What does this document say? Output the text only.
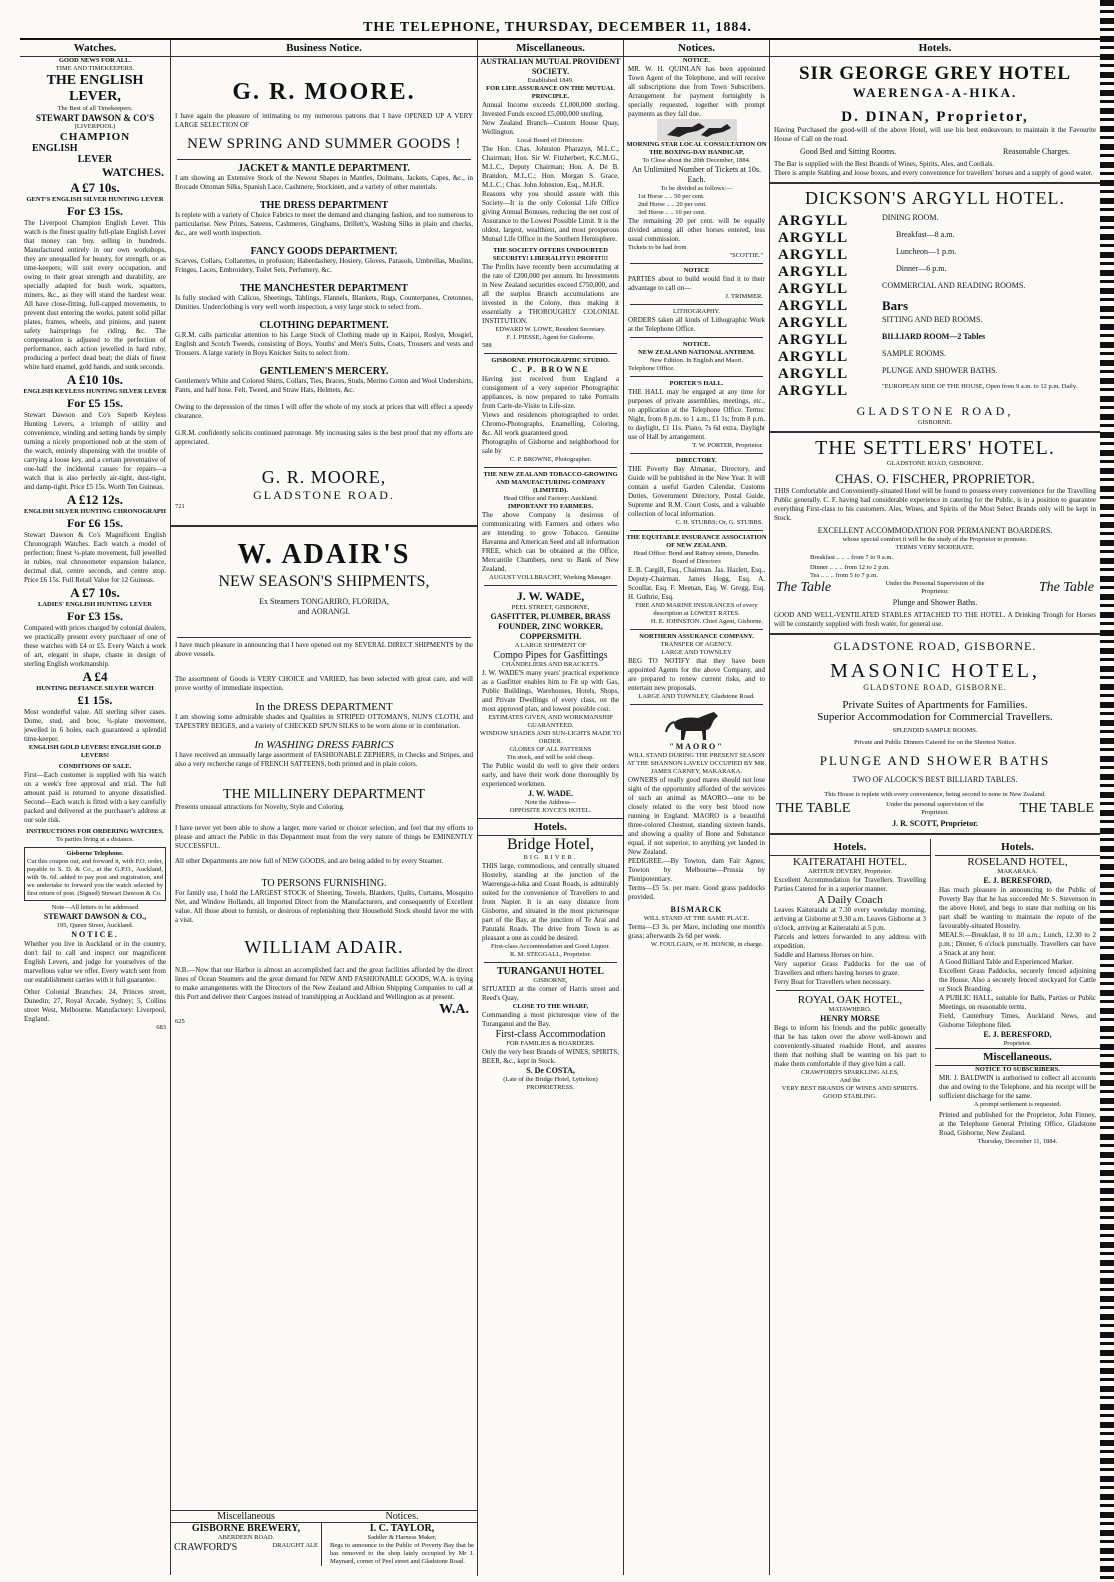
THE TELEPHONE, THURSDAY, DECEMBER 11, 1884.
Watches.
GOOD NEWS FOR ALL.
TIME AND TIMEKEEPERS.
THE ENGLISH LEVER,
The Best of all Timekeepers.
STEWART DAWSON & CO'S
(LIVERPOOL)
CHAMPION
ENGLISH
LEVER
WATCHES.
A £7 10s.
GENT'S ENGLISH SILVER HUNTING LEVER
For £3 15s.
The Liverpool Champion English Lever. This watch is the finest quality full-plate English Lever that money can buy, selling in hundreds. Manufactured entirely in our own workshops, they are unequalled for beauty, for strength, or as time-keepers; will suit every occupation, and owing to their great strength and durability, are specially adapted for bush work, squatters, miners, &c., as they will stand the hardest wear. All have close-fitting, full-capped movements, to prevent dust entering the works, patent solid pillar plates, frames, wheels, and pinions, and patent safety hairsprings for riding, &c. The compensation is adjusted to the perfection of performance, each action jewelled in hard ruby, producing a perfect dead beat; the dials of finest white hard enamel, gold hands, and sunk seconds.
A £10 10s.
ENGLISH KEYLESS HUNTING SILVER LEVER
For £5 15s.
Stewart Dawson and Co's Superb Keyless Hunting Levers, a triumph of utility and convenience, winding and setting hands by simply turning a nicely proportioned nob at the stem of the watch, entirely dispensing with the trouble of carrying a loose key, and a certain preventative of one-half the incidental causes for repairs—a watch that is also perfectly air-tight, dust-tight, and damp-tight. Price £5 15s. Worth Ten Guineas.
A £12 12s.
ENGLISH SILVER HUNTING CHRONOGRAPH
For £6 15s.
Stewart Dawson & Co's Magnificent English Chronograph Watches. Each watch a model of perfection; finest ¾-plate movement, full jewelled in rubies, real chronometer expansion balance, decimal dial, centre seconds, and centre stop. Price £6 15s. Full Retail Value for 12 Guineas.
A £7 10s.
LADIES' ENGLISH HUNTING LEVER
For £3 15s.
Compared with prices charged by colonial dealers, we practically present every purchaser of one of these watches with £4 or £5. Every Watch a work of art, elegant in shape, chaste in design of sterling English workmanship.
A £4
HUNTING DEFIANCE SILVER WATCH
£1 15s.
Most wonderful value. All sterling silver cases. Dome, stud, and bow, ¾-plate movement, jewelled in 6 holes, each guaranteed a splendid time-keeper.
ENGLISH GOLD LEVERS! ENGLISH GOLD LEVERS!
CONDITIONS OF SALE.
First—Each customer is supplied with his watch on a week's free approval and trial. The full amount paid is returned to anyone dissatisfied. Second—Each watch is fitted with a key carefully packed and delivered at the purchaser's address at our sole risk.
INSTRUCTIONS FOR ORDERING WATCHES.
To parties living at a distance.
Gisborne Telephone.
Cut this coupon out, and forward it, with P.O. order, payable to S. D. & Co., at the G.P.O., Auckland, with 9s. 6d. added to pay post and registration, and we undertake to forward you the watch selected by first return of post. (Signed) Stewart Dawson & Co.
Note—All letters to be addressed
STEWART DAWSON & CO.,
195, Queen Street, Auckland.
NOTICE.
Whether you live in Auckland or in the country, don't fail to call and inspect our magnificent English Levers, and judge for yourselves of the marvellous value we offer. Every watch sent from our establishment carries with it full guarantee.
Other Colonial Branches: 24, Princes street, Dunedin; 27, Royal Arcade, Sydney; 5, Collins street West, Melbourne. Manufactory: Liverpool, England.
683
Business Notice.
G. R. MOORE.
I have again the pleasure of intimating to my numerous patrons that I have OPENED UP A VERY LARGE SELECTION OF
NEW SPRING AND SUMMER GOODS !
JACKET & MANTLE DEPARTMENT.
I am showing an Extensive Stock of the Newest Shapes in Mantles, Dolmans, Jackets, Capes, &c., in Brocade Ottoman Silks, Spanish Lace, Cashmere, Stockinett, and a variety of other materials.
THE DRESS DEPARTMENT
Is replete with a variety of Choice Fabrics to meet the demand and changing fashion, and too numerous to particularise. New Prints, Sateens, Cashmeres, Ginghams, Drillett's, Washing Silks in plain and checks, &c., are well worth inspection.
FANCY GOODS DEPARTMENT.
Scarves, Collars, Collarettes, in profusion; Haberdashery, Hosiery, Gloves, Parasols, Umbrellas, Muslins, Fringes, Laces, Embroidery, Toilet Sets, Perfumery, &c.
THE MANCHESTER DEPARTMENT
Is fully stocked with Calicos, Sheetings, Tablings, Flannels, Blankets, Rugs, Counterpanes, Cretonnes, Dimities. Underclothing is very well worth inspection, a very large stock to select from.
CLOTHING DEPARTMENT.
G.R.M. calls particular attention to his Large Stock of Clothing made up in Kaipoi, Roslyn, Mosgiel, English and Scotch Tweeds, consisting of Boys, Youths' and Men's Suits, Coats, Trousers and vests and Trousers. A large variety in Boys Knicker Suits to select from.
GENTLEMEN'S MERCERY.
Gentlemen's White and Colored Shirts, Collars, Ties, Braces, Studs, Merino Cotton and Wool Undershirts, Pants, and half hose. Felt, Tweed, and Straw Hats, Helmets, &c.
Owing to the depression of the times I will offer the whole of my stock at prices that will effect a speedy clearance.
G.R.M. confidently solicits continued patronage. My increasing sales is the best proof that my efforts are appreciated.
G. R. MOORE,
GLADSTONE ROAD.
721
W. ADAIR'S
NEW SEASON'S SHIPMENTS,
Ex Steamers TONGARIRO, FLORIDA,
and AORANGI.
I have much pleasure in announcing that I have opened out my SEVERAL DIRECT SHIPMENTS by the above vessels.
The assortment of Goods is VERY CHOICE and VARIED, has been selected with great care, and will prove worthy of immediate inspection.
In the DRESS DEPARTMENT
I am showing some admirable shades and Qualities in STRIPED OTTOMAN'S, NUN'S CLOTH, and TAPESTRY BEIGES, and a variety of CHECKED SPUN SILKS to be worn alone or in combination.
In WASHING DRESS FABRICS
I have received an unusually large assortment of FASHIONABLE ZEPHERS, in Checks and Stripes, and also a very recherche range of FRENCH SATTEENS, both printed and in plain colors.
THE MILLINERY DEPARTMENT
Presents unusual attractions for Novelty, Style and Coloring.
I have never yet been able to show a larger, more varied or choicer selection, and feel that my efforts to please and attract the Public in this Department must from the very nature of things be EMINENTLY SUCCESSFUL.
All other Departments are now full of NEW GOODS, and are being added to by every Steamer.
TO PERSONS FURNISHING.
For family use, I hold the LARGEST STOCK of Sheeting, Towels, Blankets, Quilts, Curtains, Mosquito Net, and Window Hollands, all Imported Direct from the Manufacturers, and consequently of Excellent value. All those about to furnish, or desirous of replenishing their Household Stock should favor me with a visit.
WILLIAM ADAIR.
N.B.—Now that our Harbor is almost an accomplished fact and the great facilities afforded by the direct lines of Ocean Steamers and the great demand for NEW AND FASHIONABLE GOODS, W.A. is trying to make arrangements with the Directors of the New Zealand and Albion Shipping Companies to call at this Port and deliver their Cargoes instead of transhipping at Auckland and Wellington as at present.
W.A.
625
Miscellaneous	Notices.
GISBORNE BREWERY,
ABERDEEN ROAD.
CRAWFORD'S	DRAUGHT ALE
I. C. TAYLOR,
Saddler & Harness Maker,
Begs to announce to the Public of Poverty Bay that he has removed to the shop lately occupied by Mr J. Maynard, corner of Peel street and Gladstone Road.
Miscellaneous.
AUSTRALIAN MUTUAL PROVIDENT SOCIETY.
Established 1849.
FOR LIFE ASSURANCE ON THE MUTUAL PRINCIPLE.
Annual Income exceeds £1,000,000 sterling. Invested Funds exceed £5,000,000 sterling.
New Zealand Branch—Custom House Quay, Wellington.
Local Board of Directors:
The Hon. Chas. Johnston Pharazyn, M.L.C., Chairman; Hon. Sir W. Fitzherbert, K.C.M.G., M.L.C., Deputy Chairman; Hon. A. De B. Brandon, M.L.C.; Hon. Morgan S. Grace, M.L.C.; Chas. John Johnston, Esq., M.H.R.
Reasons why you should assure with this Society—It is the only Colonial Life Office giving Annual Bonuses, reducing the net cost of Assurance to the Lowest Possible Limit. It is the oldest, largest, wealthiest, and most prosperous Mutual Life Office in the Southern Hemisphere.
THE SOCIETY OFFERS UNDOUBTED SECURITY! LIBERALITY!! PROFIT!!!
The Profits have recently been accumulating at the rate of £200,000 per annum. Its Investments in New Zealand securities exceed £750,000, and all the surplus Branch accumulations are invested in the Colony, thus making it essentially a THOROUGHLY COLONIAL INSTITUTION.
EDWARD W. LOWE, Resident Secretary.
F. J. PIESSE, Agent for Gisborne.
588
GISBORNE PHOTOGRAPHIC STUDIO.
C. P. BROWNE
Having just received from England a consignment of a very superior Photographic appliances, is now prepared to take Portraits from Carte-de-Visite to Life-size.
Views and residences photographed to order. Chromo-Photographs, Enamelling, Coloring, &c. All work guaranteed good.
Photographs of Gisborne and neighborhood for sale by
C. P. BROWNE, Photographer.
THE NEW ZEALAND TOBACCO-GROWING AND MANUFACTURING COMPANY (LIMITED).
Head Office and Factory: Auckland.
IMPORTANT TO FARMERS.
The above Company is desirous of communicating with Farmers and others who are intending to grow Tobacco. Genuine Havanna and American Seed and all information FREE, which can be obtained at the Office, Mercantile Chambers, next to Bank of New Zealand.
AUGUST VOLLBRACHT, Working Manager.
J. W. WADE,
PEEL STREET, GISBORNE,
GASFITTER, PLUMBER, BRASS FOUNDER, ZINC WORKER, COPPERSMITH.
A LARGE SHIPMENT OF
Compo Pipes for Gasfittings
CHANDELIERS AND BRACKETS.
J. W. WADE'S many years' practical experience as a Gasfitter enables him to Fit up with Gas, Public Buildings, Warehouses, Hotels, Shops, and Private Dwellings of every class, on the most approved plan, and lowest possible cost.
ESTIMATES GIVEN, AND WORKMANSHIP GUARANTEED.
WINDOW SHADES AND SUN-LIGHTS MADE TO ORDER.
GLOBES OF ALL PATTERNS
Tin stock, and will be sold cheap.
The Public would do well to give their orders early, and have their work done thoroughly by experienced workmen.
J. W. WADE.
Note the Address—
OPPOSITE JOYCE'S HOTEL.
Hotels.
Bridge Hotel,
BIG RIVER.
THIS large, commodious, and centrally situated Hostelry, standing at the junction of the Waerenga-a-hika and Coast Roads, is admirably suited for the convenience of Travellers to and from Napier. It is an easy distance from Gisborne, and situated in the most picturesque part of the Bay, at the junction of Te Arai and Patutahi Roads. The drive from Town is as pleasant a one as could be desired.
First-class Accommodation and Good Liquor.
R. M. STEGGALL, Proprietor.
TURANGANUI HOTEL
GISBORNE,
SITUATED at the corner of Harris street and Reed's Quay,
CLOSE TO THE WHARF,
Commanding a most picturesque view of the Turanganui and the Bay.
First-class Accommodation
FOR FAMILIES & BOARDERS.
Only the very best Brands of WINES, SPIRITS, BEER, &c., kept in Stock.
S. De COSTA,
(Late of the Bridge Hotel, Lyttelton)
PROPRIETRESS.
Notices.
NOTICE.
MR. W. H. QUINLAN has been appointed Town Agent of the Telephone, and will receive all subscriptions due from Town Subscribers. Arrangement for payment fortnightly is specially requested, together with prompt payments as they fall due.
MORNING STAR LOCAL CONSULTATION ON THE BOXING-DAY HANDICAP,
To Close about the 20th December, 1884.
An Unlimited Number of Tickets at 10s. Each.
To be divided as follows:—
1st Horse .. .. 50 per cent.
2nd Horse .. .. 20 per cent.
3rd Horse .. .. 10 per cent.
The remaining 20 per cent. will be equally divided among all other horses entered, less usual commission.
Tickets to be had from
"SCOTTIE."
NOTICE
PARTIES about to build would find it to their advantage to call on—
J. TRIMMER.
LITHOGRAPHY.
ORDERS taken all kinds of Lithographic Work at the Telephone Office.
NOTICE.
NEW ZEALAND NATIONAL ANTHEM.
New Edition. In English and Maori.
Telephone Office.
PORTER'S HALL.
THE HALL may be engaged at any time for purposes of private assemblies, meetings, etc., on application at the Telephone Office. Terms: Night, from 8 p.m. to 1 a.m., £1 1s; from 8 p.m. to daylight, £1 11s. Piano, 7s 6d extra. Daylight use of Hall by arrangement.
T. W. PORTER, Proprietor.
DIRECTORY.
THE Poverty Bay Almanac, Directory, and Guide will be published in the New Year. It will contain a useful Garden Calendar, Customs Duties, Government Directory, Postal Guide, Supreme and R.M. Court Costs, and a valuable collection of local information.
C. H. STUBBS; Or, G. STUBBS.
THE EQUITABLE INSURANCE ASSOCIATION OF NEW ZEALAND.
Head Office: Bond and Rattray streets, Dunedin.
Board of Directors
E. B. Cargill, Esq., Chairman. Jas. Hazlett, Esq., Deputy-Chairman. James Hogg, Esq. A. Scoullar, Esq. F. Meenan, Esq. W. Gregg, Esq. H. Guthrie, Esq.
FIRE AND MARINE INSURANCES of every description at LOWEST RATES.
H. E. JOHNSTON. Chief Agent, Gisborne.
NORTHERN ASSURANCE COMPANY.
TRANSFER OF AGENCY.
LARGE AND TOWNLEY
BEG TO NOTIFY that they have been appointed Agents for the above Company, and are prepared to renew current risks, and to entertain new proposals.
LARGE AND TOWNLEY, Gladstone Road.
"MAORO"
WILL STAND DURING THE PRESENT SEASON AT THE SHANNON LAVELY OCCUPIED BY MR. JAMES CARNEY, MAKARAKA.
OWNERS of really good mares should not lose sight of the opportunity afforded of the services of such an animal as MAORO—one to be closely related to the very best blood now running in England. MAORO is a beautiful three-colored Chestnut, standing sixteen hands, and showing a quality of Bone and Substance equal, if not superior, to anything yet landed in New Zealand.
PEDIGREE.—By Towton, dam Fair Agnes; Towton by Melbourne—Prussia by Plenipotentiary.
Terms—£5 5s. per mare. Good grass paddocks provided.
BISMARCK
WILL STAND AT THE SAME PLACE.
Terms—£3 3s. per Mare, including one month's grass; afterwards 2s 6d per week.
W. FOULGAIN, or H. HONOR, in charge.
Hotels.
SIR GEORGE GREY HOTEL
WAERENGA-A-HIKA.
D. DINAN, Proprietor,
Having Purchased the good-will of the above Hotel, will use his best endeavours to maintain it the Favourite House of Call on the road.
Good Bed and Sitting Rooms.	Reasonable Charges.
The Bar is supplied with the Best Brands of Wines, Spirits, Ales, and Cordials.
There is ample Stabling and loose boxes, and every convenience for travellers' horses and a supply of good water.
DICKSON'S ARGYLL HOTEL.
ARGYLL	DINING ROOM.
ARGYLL	Breakfast—8 a.m.
ARGYLL	Luncheon—1 p.m.
ARGYLL	Dinner—6 p.m.
ARGYLL	COMMERCIAL AND READING ROOMS.
ARGYLL	Bars
ARGYLL	SITTING AND BED ROOMS.
ARGYLL	BILLIARD ROOM—2 Tables
ARGYLL	SAMPLE ROOMS.
ARGYLL	PLUNGE AND SHOWER BATHS.
ARGYLL	"EUROPEAN SIDE OF THE HOUSE, Open from 9 a.m. to 12 p.m. Daily.
GLADSTONE ROAD,
GISBORNE.
THE SETTLERS' HOTEL.
GLADSTONE ROAD, GISBORNE.
CHAS. O. FISCHER, PROPRIETOR.
THIS Comfortable and Conveniently-situated Hotel will be found to possess every convenience for the Travelling Public generally. C. F. having had considerable experience in catering for the Public, is in a position to guarantee everything First-class to his customers. Ales, Wines, and Spirits of the Most Select Brands only will be kept in Stock.
EXCELLENT ACCOMMODATION FOR PERMANENT BOARDERS.
whose special comfort it will be the study of the Proprietor to promote.
TERMS VERY MODERATE.
Breakfast .. .. .. from 7 to 9 a.m.
Dinner .. .. .. from 12 to 2 p.m.
Tea .. .. .. from 5 to 7 p.m.
The Table	Under the Personal Supervision of the Proprietor.	The Table
Plunge and Shower Baths.
GOOD AND WELL-VENTILATED STABLES ATTACHED TO THE HOTEL. A Drinking Trough for Horses will be constantly supplied with fresh water, for general use.
GLADSTONE ROAD, GISBORNE.
MASONIC HOTEL,
GLADSTONE ROAD, GISBORNE.
Private Suites of Apartments for Families.
Superior Accommodation for Commercial Travellers.
SPLENDID SAMPLE ROOMS.
Private and Public Dinners Catered for on the Shortest Notice.
PLUNGE AND SHOWER BATHS
TWO OF ALCOCK'S BEST BILLIARD TABLES.
This House is replete with every convenience, being second to none in New Zealand.
THE TABLE	Under the personal supervision of the Proprietor.	THE TABLE
J. R. SCOTT, Proprietor.
Hotels.
KAITERATAHI HOTEL.
ARTHUR DEVERY, Proprietor.
Excellent Accommodation for Travellers. Travelling Parties Catered for in a superior manner.
A Daily Coach
Leaves Kaiteratahi at 7.30 every weekday morning, arriving at Gisborne at 9.30 a.m. Leaves Gisborne at 3 o'clock, arriving at Kaiteratahi at 5 p.m.
Parcels and letters forwarded to any address with expedition.
Saddle and Harness Horses on hire.
Very superior Grass Paddocks for the use of Travellers and others having horses to graze.
Ferry Boat for Travellers when necessary.
ROYAL OAK HOTEL,
MATAWHERO.
HENRY MORSE
Begs to inform his friends and the public generally that he has taken over the above well-known and conveniently-situated roadside Hotel, and assures them that nothing shall be wanting on his part to make them comfortable if they give him a call.
CRAWFORD'S SPARKLING ALES,
And the
VERY BEST BRANDS OF WINES AND SPIRITS.
GOOD STABLING.
Hotels.
ROSELAND HOTEL,
MAKARAKA.
E. J. BERESFORD,
Has much pleasure in announcing to the Public of Poverty Bay that he has succeeded Mr S. Stevenson in the above Hotel, and begs to state that nothing on his part shall be wanting to maintain the repute of the favourably-situated Hostelry.
MEALS:—Breakfast, 8 to 10 a.m.; Lunch, 12.30 to 2 p.m.; Dinner, 6 o'clock punctually. Travellers can have a Snack at any hour.
A Good Billiard Table and Experienced Marker.
Excellent Grass Paddocks, securely fenced adjoining the House. Also a securely fenced stockyard for Cattle or Stock Branding.
A PUBLIC HALL, suitable for Balls, Parties or Public Meetings, on reasonable terms.
Field, Canterbury Times, Auckland News, and Gisborne Telephone filed.
E. J. BERESFORD,
Proprietor.
Miscellaneous.
NOTICE TO SUBSCRIBERS.
MR. J. BALDWIN is authorised to collect all accounts due and owing to the Telephone, and his receipt will be sufficient discharge for the same.
A prompt settlement is requested.
Printed and published for the Proprietor, John Finney, at the Telephone General Printing Office, Gladstone Road, Gisborne, New Zealand.
Thursday, December 11, 1884.
